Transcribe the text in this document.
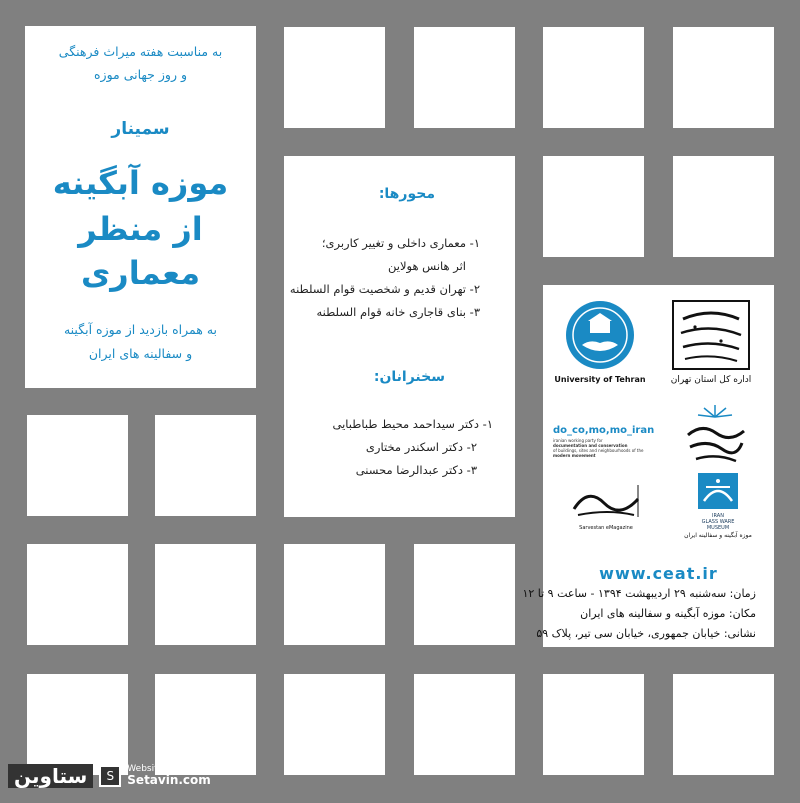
به مناسبت هفته میراث فرهنگی
و روز جهانی موزه
سمینار
موزه آبگینه
از منظر معماری
به همراه بازدید از موزه آبگینه
و سفالینه های ایران
محورها:
۱- معماری داخلی و تغییر کاربری؛
اثر هانس هولاین
۲- تهران قدیم و شخصیت قوام السلطنه
۳- بنای قاجاری خانه قوام السلطنه
سخنرانان:
۱- دکتر سیداحمد محیط طباطبایی
۲- دکتر اسکندر مختاری
۳- دکتر عبدالرضا محسنی
اداره کل استان تهران
University of Tehran
do_co,mo,mo_iran
iranian working party for
documentation and conservation
of buildings, sites and neighbourhoods of the
modern movement
Sarvestan eMagazine
IRAN
GLASS WARE
MUSEUM
موزه آبگینه و سفالینه ایران
www.ceat.ir
زمان: سه‌شنبه ۲۹ اردیبهشت ۱۳۹۴ - ساعت ۹ تا ۱۲
مکان: موزه آبگینه و سفالینه های ایران
نشانی: خیابان جمهوری، خیابان سی تیر، پلاک ۵۹
ستاوین	S	Website:
Setavin.com
